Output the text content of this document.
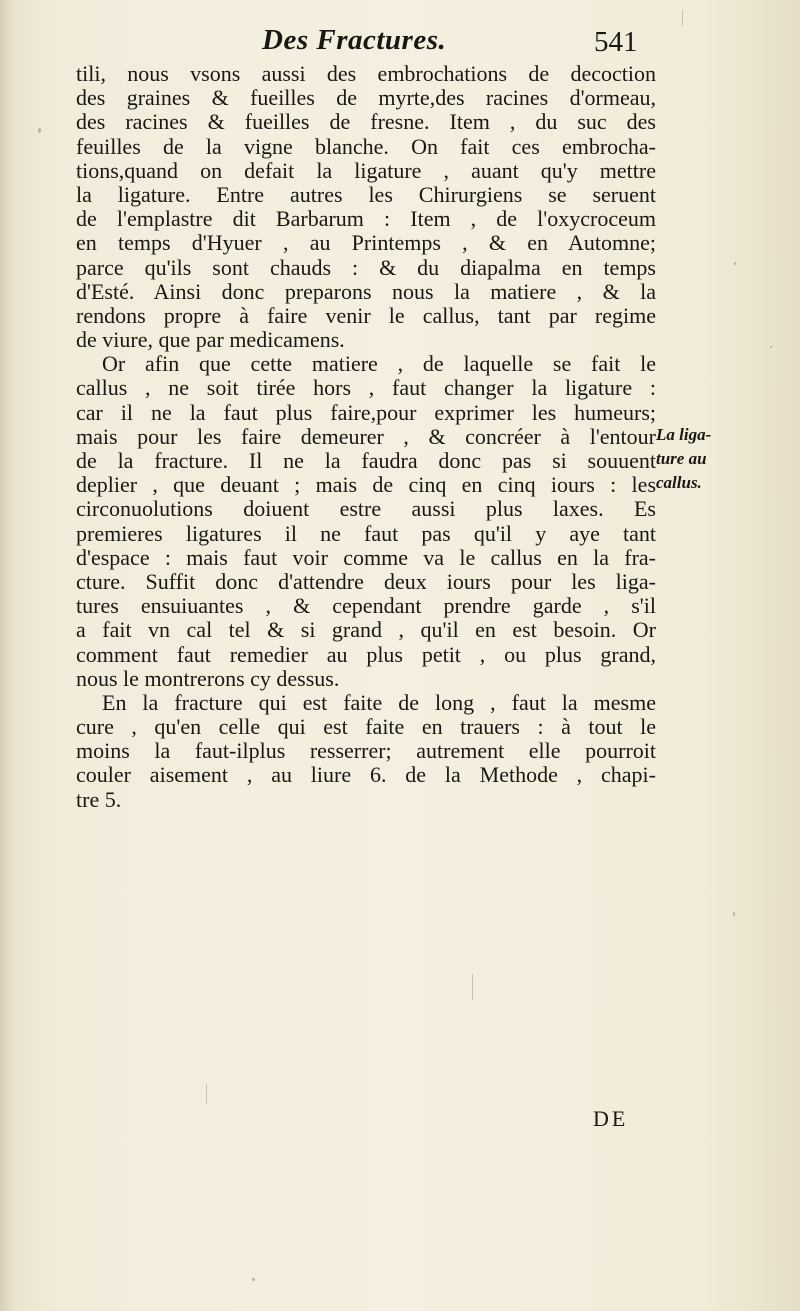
Des Fractures.	541
tili, nous vsons aussi des embrochations de decoction
des graines & fueilles de myrte,des racines d'ormeau,
des racines & fueilles de fresne. Item , du suc des
feuilles de la vigne blanche. On fait ces embrocha-
tions,quand on defait la ligature , auant qu'y mettre
la ligature. Entre autres les Chirurgiens se seruent
de l'emplastre dit Barbarum : Item , de l'oxycroceum
en temps d'Hyuer , au Printemps , & en Automne;
parce qu'ils sont chauds : & du diapalma en temps
d'Esté. Ainsi donc preparons nous la matiere , & la
rendons propre à faire venir le callus, tant par regime
de viure, que par medicamens.
Or afin que cette matiere , de laquelle se fait le
callus , ne soit tirée hors , faut changer la ligature :
car il ne la faut plus faire,pour exprimer les humeurs;
mais pour les faire demeurer , & concréer à l'entour
de la fracture. Il ne la faudra donc pas si souuent
deplier , que deuant ; mais de cinq en cinq iours : les
circonuolutions doiuent estre aussi plus laxes. Es
premieres ligatures il ne faut pas qu'il y aye tant
d'espace : mais faut voir comme va le callus en la fra-
cture. Suffit donc d'attendre deux iours pour les liga-
tures ensuiuantes , & cependant prendre garde , s'il
a fait vn cal tel & si grand , qu'il en est besoin. Or
comment faut remedier au plus petit , ou plus grand,
nous le montrerons cy dessus.
En la fracture qui est faite de long , faut la mesme
cure , qu'en celle qui est faite en trauers : à tout le
moins la faut-ilplus resserrer; autrement elle pourroit
couler aisement , au liure 6. de la Methode , chapi-
tre 5.
La liga-
ture au
callus.
DE
